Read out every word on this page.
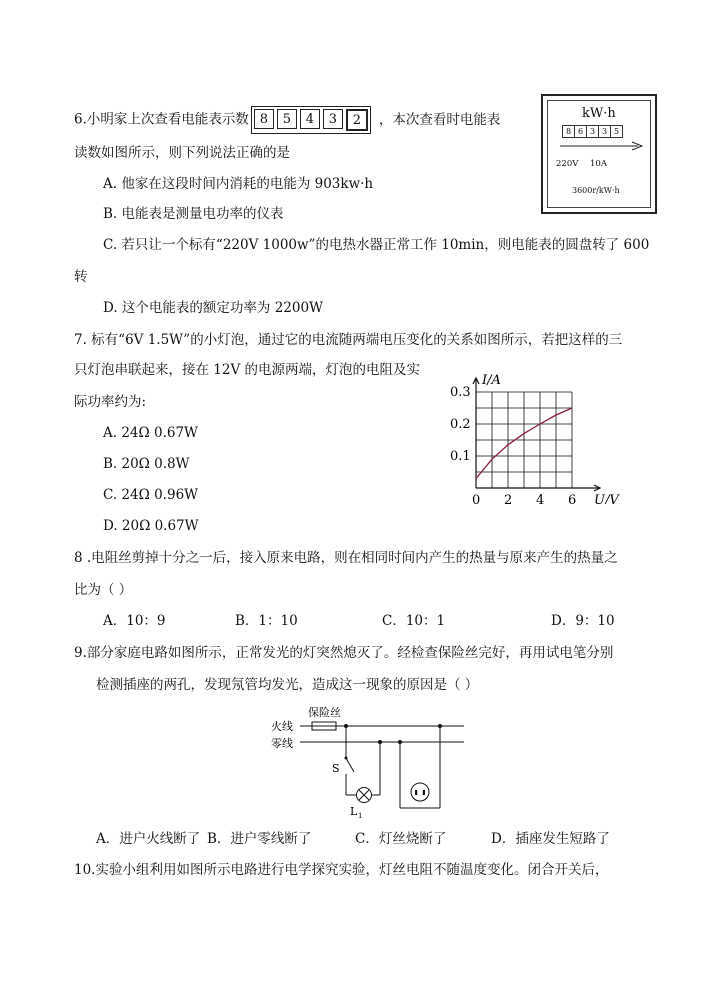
6.小明家上次查看电能表示数 8	5	4	3	2	，本次查看时电能表
读数如图所示，则下列说法正确的是
A. 他家在这段时间内消耗的电能为 903kw·h
B. 电能表是测量电功率的仪表
C. 若只让一个标有“220V 1000w”的电热水器正常工作 10min，则电能表的圆盘转了 600
转
D. 这个电能表的额定功率为 2200W
kW·h
8 6 3 3 5
220V 10A
3600r/kW·h
7. 标有“6V 1.5W”的小灯泡，通过它的电流随两端电压变化的关系如图所示，若把这样的三
只灯泡串联起来，接在 12V 的电源两端，灯泡的电阻及实
际功率约为:
A. 24Ω 0.67W
B. 20Ω 0.8W
C. 24Ω 0.96W
D. 20Ω 0.67W
0 2 4 6
0.1
0.2
0.3
I/A
U/V
8 .电阻丝剪掉十分之一后，接入原来电路，则在相同时间内产生的热量与原来产生的热量之
比为（ ）
A．10：9	B．1：10	C．10：1	D．9：10
9.部分家庭电路如图所示，正常发光的灯突然熄灭了。经检查保险丝完好，再用试电笔分别
检测插座的两孔，发现氖管均发光，造成这一现象的原因是（ ）
火线
零线
保险丝
S
L 1
A．进户火线断了 B．进户零线断了	C．灯丝烧断了	D．插座发生短路了
10.实验小组利用如图所示电路进行电学探究实验，灯丝电阻不随温度变化。闭合开关后，
